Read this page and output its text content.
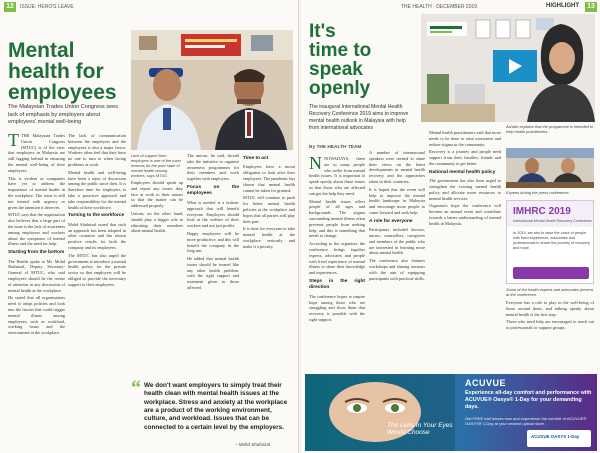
12	ISSUE: HERO'S LEAVE
Mental
health for
employees
The Malaysian Trades Union Congress sees lack of emphasis by employers about employees' mental well-being

TTHE Malaysian Trades Union Congress (MTUC) is of the view that employers in Malaysia are still lagging behind in ensuring the mental well-being of their employees.

This is evident as companies have yet to address the importance of mental health in the workplace. The issue is still not treated with urgency or given the attention it deserves.

MTUC says that the organisation also believes that a large part of the issue is the lack of awareness among employers and workers about the symptoms of mental illness and the need for help.

Starting from the bottom

The Health spoke to Mr. Mohd Shahrizal, Deputy Secretary-General of MTUC, who said employees should be the centre of attention in any discussion of mental health at the workplace.

He stated that all organisations need to adopt policies and look into the factors that could trigger mental illness among employees, such as workload, working hours and the environment at the workplace.

The lack of communication between the employers and the employees is also a major factor. Workers often feel that they have no one to turn to when facing problems at work.

Mental health and well-being have been a topic of discussion among the public since then. It is therefore time for employers to take a proactive approach and take responsibility for the mental health of their workforce.

Turning to the workforce

Mohd Shahrizal noted that such an approach has been adopted in other countries and has shown positive results for both the company and its employees.

The MTUC has also urged the government to introduce a mental health policy for the private sector so that employers will be obliged to provide the necessary support to their employees.

Lack of support from employers is one of the main reasons for the poor state of mental health among workers, says MTUC.

Employees should speak up and report any issues they face at work to their unions so that the matter can be addressed properly.

Unions, on the other hand, should play a bigger role in educating their members about mental health.

The unions, he said, should take the initiative to organise awareness programmes for their members and work together with employers.

Focus on the employees

What is needed is a holistic approach that will benefit everyone. Employers should look at the welfare of their workers and not just profits.

Happy employees will be more productive, and this will benefit the company in the long run.

He added that mental health issues should be treated like any other health problem, with the right support and treatment given to those affected.

Time to act

Employers have a moral obligation to look after their employees. The pandemic has shown that mental health cannot be taken for granted.

MTUC will continue to push for better mental health policies at the workplace and hopes that all parties will play their part.

It is time for everyone to take mental health at the workplace seriously and make it a priority.

“ We don't want employers to simply treat their health clean with mental health issues at the workplace. Stress and anxiety at the workplace are a product of the working environment, culture, and workload. Issues that can be connected to a certain level by the employers.
– Mohd Shahrizal
THE HEALTH · DECEMBER 2019	HIGHLIGHT 13
It's
time to
speak
openly
The inaugural International Mental Health Recovery Conference 2019 aims to improve mental health outlook in Malaysia with help from international advocates
By THE HEALTH TEAM
Ashikin explains that the programme is intended to help health practitioners.
Experts during the press conference.

NNOWADAYS, there are so many people who suffer from mental health issues. It is important to speak openly about these issues so that those who are affected can get the help they need.

Mental health issues affect people of all ages and backgrounds. The stigma surrounding mental illness often prevents people from seeking help, and this is something that needs to change.

According to the organiser, the conference brings together experts, advocates and people with lived experience of mental illness to share their knowledge and experiences.

Steps in the right direction

The conference hopes to inspire hope among those who are struggling and show them that recovery is possible with the right support.

A number of international speakers were invited to share their views on the latest developments in mental health recovery and the approaches taken in their countries.

It is hoped that the event will help to improve the mental health landscape in Malaysia and encourage more people to come forward and seek help.

A role for everyone

Participants included doctors, nurses, counsellors, caregivers and members of the public who are interested in learning more about mental health.

The conference also features workshops and sharing sessions with the aim of equipping participants with practical skills.

Mental health practitioners said that more needs to be done to raise awareness and reduce stigma in the community.

Recovery is a journey and people need support from their families, friends and the community to get better.

National mental health policy

The government has also been urged to strengthen the existing mental health policy and allocate more resources to mental health services.

Organisers hope the conference will become an annual event and contribute towards a better understanding of mental health in Malaysia.

IMHRC 2019
International Mental Health Recovery Conference
In 2019, we aim to raise the voice of people with lived experience, advocates and professionals to share the journey of recovery and hope.
Some of the health experts and advocates present at the conference.

Everyone has a role to play in the well-being of those around them, and talking openly about mental health is the first step.

Those who need help are encouraged to reach out to professionals or support groups.

The Lens In Your Eyes Would Choose
ACUVUE
Experience all-day comfort and performance with ACUVUE® Oasys® 1-Day for your demanding days.
Get FREE trial lenses now and experience the comfort of ACUVUE® OASYS® 1-Day at your nearest optical store.
ACUVUE OASYS 1-Day
